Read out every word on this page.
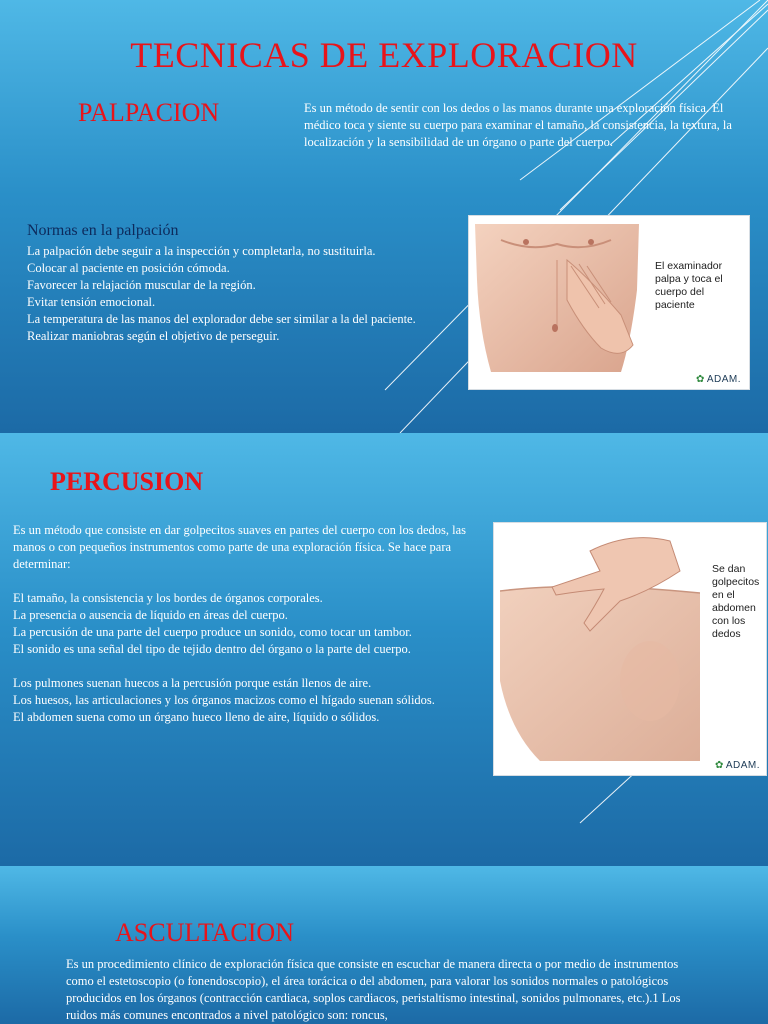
TECNICAS DE EXPLORACION
PALPACION	Es un método de sentir con los dedos o las manos durante una exploración física. El médico toca y siente su cuerpo para examinar el tamaño, la consistencia, la textura, la localización y la sensibilidad de un órgano o parte del cuerpo.

Normas en la palpación

La palpación debe seguir a la inspección y completarla, no sustituirla.

Colocar al paciente en posición cómoda.

Favorecer la relajación muscular de la región.

Evitar tensión emocional.

La temperatura de las manos del explorador debe ser similar a la del paciente.

Realizar maniobras según el objetivo de perseguir.

El examinador palpa y toca el cuerpo del paciente
✿ ADAM.
PERCUSION

Es un método que consiste en dar golpecitos suaves en partes del cuerpo con los dedos, las manos o con pequeños instrumentos como parte de una exploración física. Se hace para determinar:

El tamaño, la consistencia y los bordes de órganos corporales.

La presencia o ausencia de líquido en áreas del cuerpo.

La percusión de una parte del cuerpo produce un sonido, como tocar un tambor.

El sonido es una señal del tipo de tejido dentro del órgano o la parte del cuerpo.

Los pulmones suenan huecos a la percusión porque están llenos de aire.

Los huesos, las articulaciones y los órganos macizos como el hígado suenan sólidos.

El abdomen suena como un órgano hueco lleno de aire, líquido o sólidos.

Se dan golpecitos en el abdomen con los dedos
✿ ADAM.
ASCULTACION

Es un procedimiento clínico de exploración física que consiste en escuchar de manera directa o por medio de instrumentos como el estetoscopio (o fonendoscopio), el área torácica o del abdomen, para valorar los sonidos normales o patológicos producidos en los órganos (contracción cardiaca, soplos cardiacos, peristaltismo intestinal, sonidos pulmonares, etc.).1 Los ruidos más comunes encontrados a nivel patológico son: roncus,
